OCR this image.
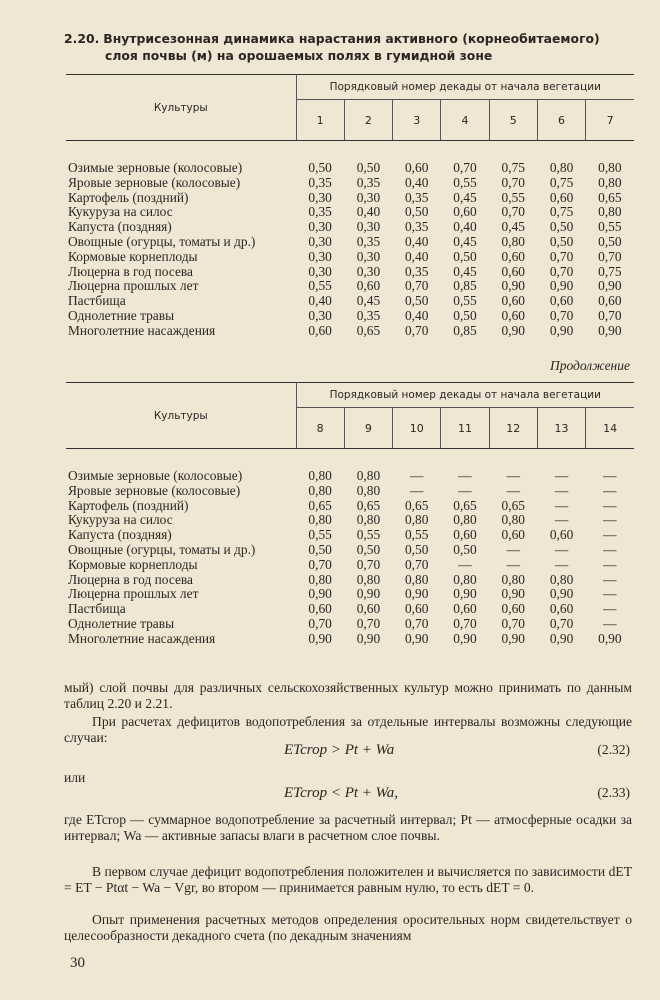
2.20. Внутрисезонная динамика нарастания активного (корнеобитаемого)
слоя почвы (м) на орошаемых полях в гумидной зоне
Культуры	Порядковый номер декады от начала вегетации						
	1	2	3	4	5	6	7

Озимые зерновые (колосовые)	0,50	0,50	0,60	0,70	0,75	0,80	0,80
Яровые зерновые (колосовые)	0,35	0,35	0,40	0,55	0,70	0,75	0,80
Картофель (поздний)	0,30	0,30	0,35	0,45	0,55	0,60	0,65
Кукуруза на силос	0,35	0,40	0,50	0,60	0,70	0,75	0,80
Капуста (поздняя)	0,30	0,30	0,35	0,40	0,45	0,50	0,55
Овощные (огурцы, томаты и др.)	0,30	0,35	0,40	0,45	0,80	0,50	0,50
Кормовые корнеплоды	0,30	0,30	0,40	0,50	0,60	0,70	0,70
Люцерна в год посева	0,30	0,30	0,35	0,45	0,60	0,70	0,75
Люцерна прошлых лет	0,55	0,60	0,70	0,85	0,90	0,90	0,90
Пастбища	0,40	0,45	0,50	0,55	0,60	0,60	0,60
Однолетние травы	0,30	0,35	0,40	0,50	0,60	0,70	0,70
Многолетние насаждения	0,60	0,65	0,70	0,85	0,90	0,90	0,90
Продолжение
Культуры	Порядковый номер декады от начала вегетации						
	8	9	10	11	12	13	14

Озимые зерновые (колосовые)	0,80	0,80	—	—	—	—	—
Яровые зерновые (колосовые)	0,80	0,80	—	—	—	—	—
Картофель (поздний)	0,65	0,65	0,65	0,65	0,65	—	—
Кукуруза на силос	0,80	0,80	0,80	0,80	0,80	—	—
Капуста (поздняя)	0,55	0,55	0,55	0,60	0,60	0,60	—
Овощные (огурцы, томаты и др.)	0,50	0,50	0,50	0,50	—	—	—
Кормовые корнеплоды	0,70	0,70	0,70	—	—	—	—
Люцерна в год посева	0,80	0,80	0,80	0,80	0,80	0,80	—
Люцерна прошлых лет	0,90	0,90	0,90	0,90	0,90	0,90	—
Пастбища	0,60	0,60	0,60	0,60	0,60	0,60	—
Однолетние травы	0,70	0,70	0,70	0,70	0,70	0,70	—
Многолетние насаждения	0,90	0,90	0,90	0,90	0,90	0,90	0,90

мый) слой почвы для различных сельскохозяйственных культур можно принимать по данным таблиц 2.20 и 2.21.

При расчетах дефицитов водопотребления за отдельные интервалы возможны следующие случаи:

ETcrop > Pt + Wa	(2.32)
или
ETcrop < Pt + Wa,	(2.33)

где ETcrop — суммарное водопотребление за расчетный интервал; Pt — атмосферные осадки за интервал; Wa — активные запасы влаги в расчетном слое почвы.

В первом случае дефицит водопотребления положителен и вычисляется по зависимости dET = ET − Ptαt − Wa − Vgr, во втором — принимается равным нулю, то есть dET = 0.

Опыт применения расчетных методов определения оросительных норм свидетельствует о целесообразности декадного счета (по декадным значениям

30
